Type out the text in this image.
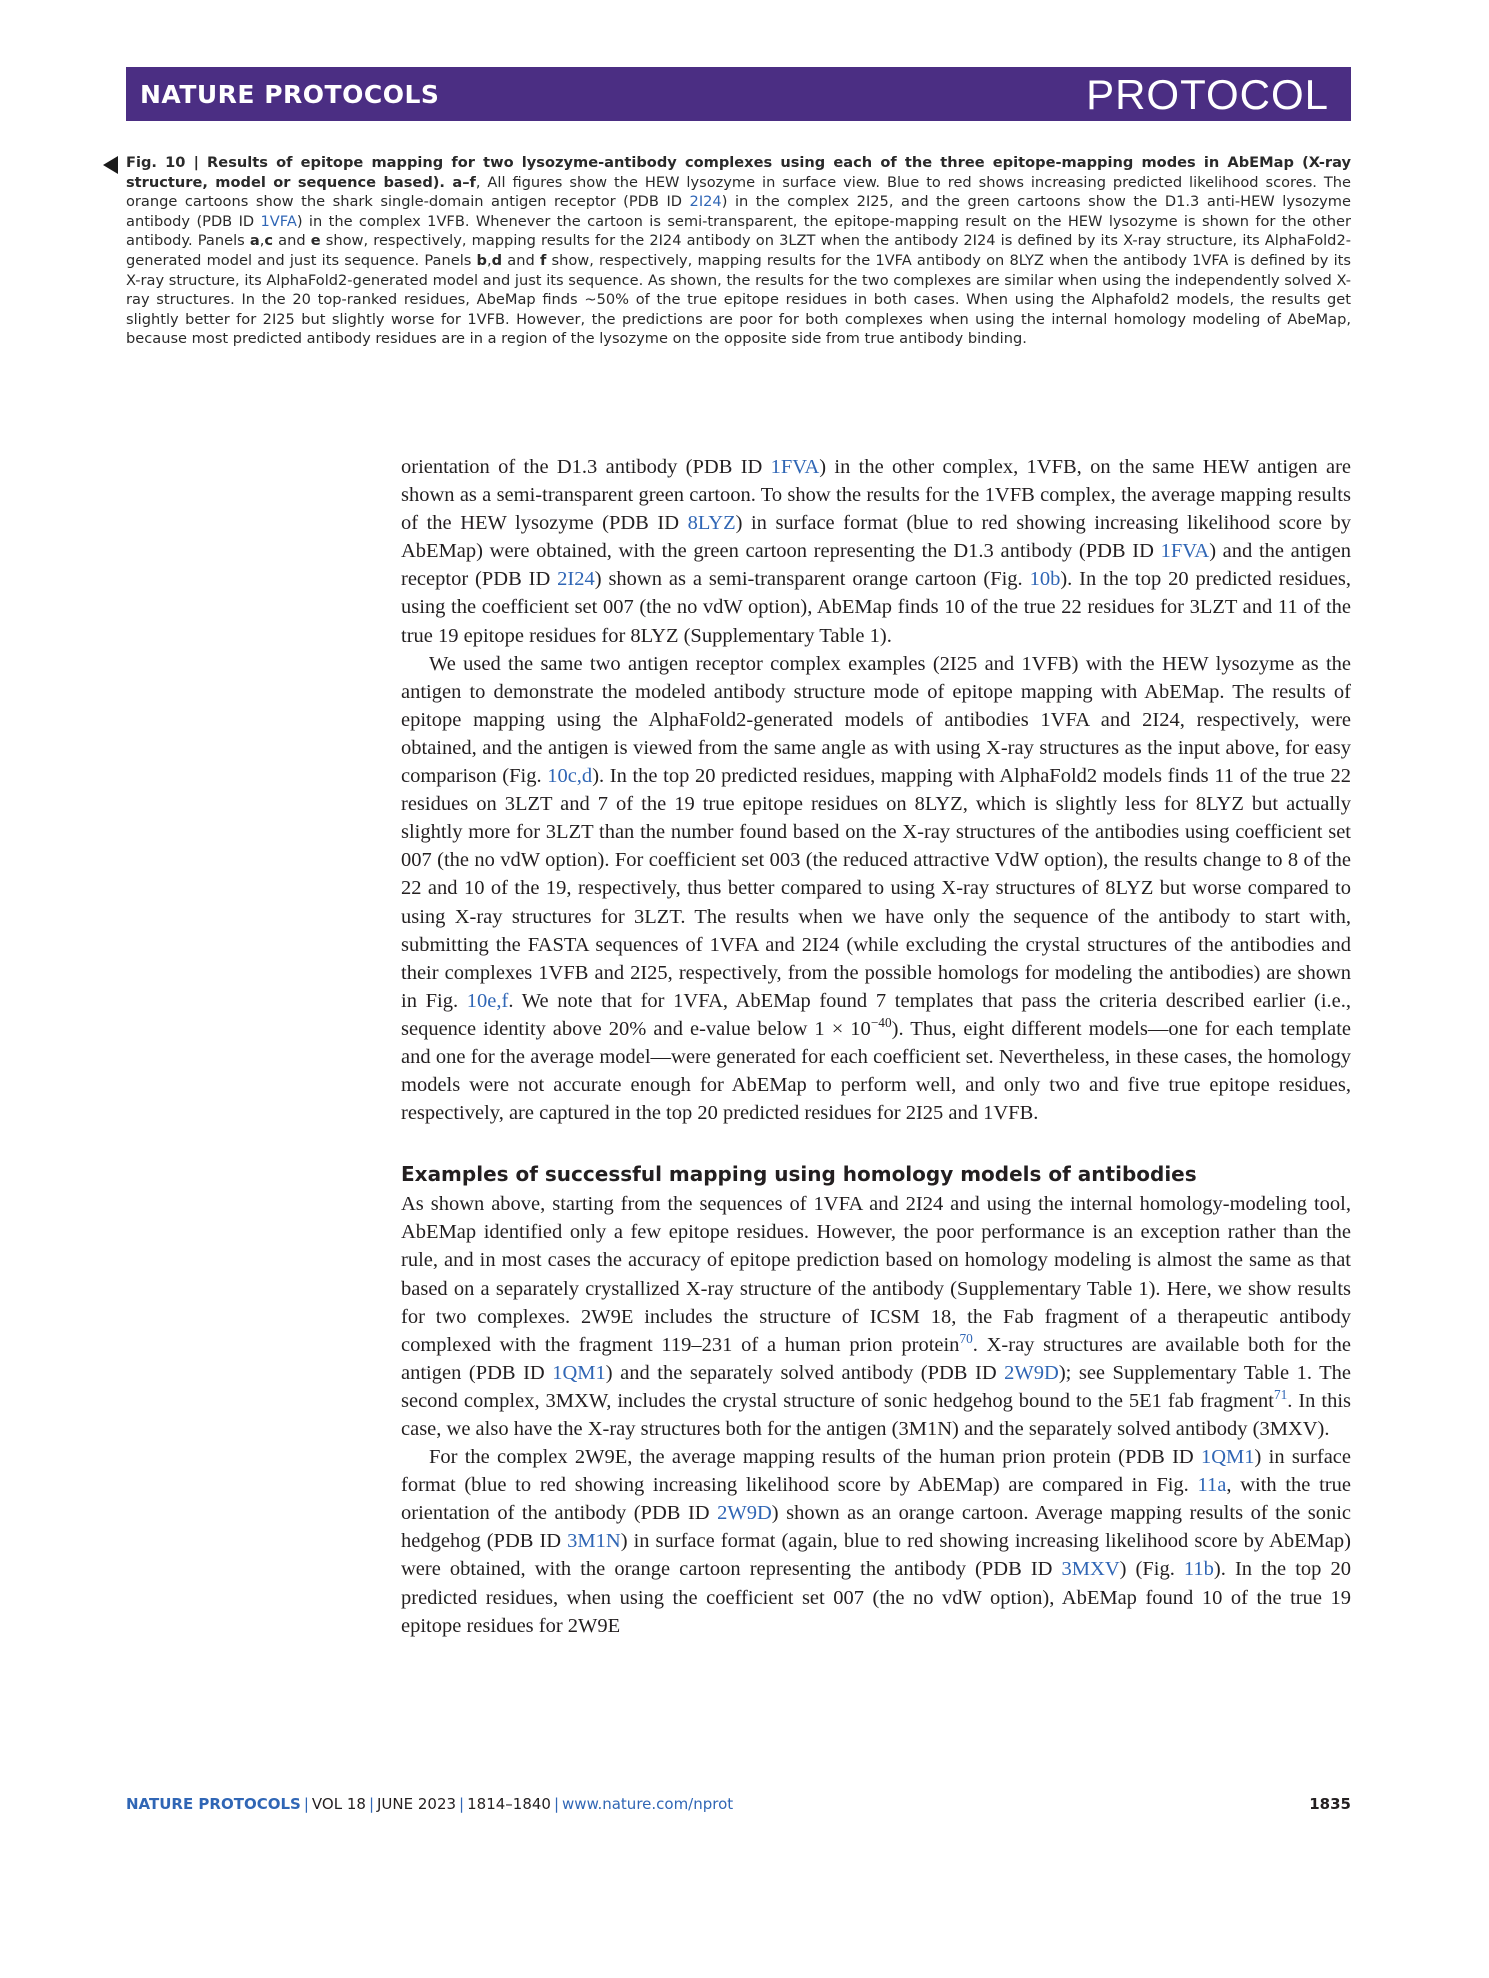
NATURE PROTOCOLS	PROTOCOL
Fig. 10 | Results of epitope mapping for two lysozyme-antibody complexes using each of the three epitope-mapping modes in AbEMap (X-ray structure, model or sequence based). a–f, All figures show the HEW lysozyme in surface view. Blue to red shows increasing predicted likelihood scores. The orange cartoons show the shark single-domain antigen receptor (PDB ID 2I24) in the complex 2I25, and the green cartoons show the D1.3 anti-HEW lysozyme antibody (PDB ID 1VFA) in the complex 1VFB. Whenever the cartoon is semi-transparent, the epitope-mapping result on the HEW lysozyme is shown for the other antibody. Panels a,c and e show, respectively, mapping results for the 2I24 antibody on 3LZT when the antibody 2I24 is defined by its X-ray structure, its AlphaFold2-generated model and just its sequence. Panels b,d and f show, respectively, mapping results for the 1VFA antibody on 8LYZ when the antibody 1VFA is defined by its X-ray structure, its AlphaFold2-generated model and just its sequence. As shown, the results for the two complexes are similar when using the independently solved X-ray structures. In the 20 top-ranked residues, AbeMap finds ~50% of the true epitope residues in both cases. When using the Alphafold2 models, the results get slightly better for 2I25 but slightly worse for 1VFB. However, the predictions are poor for both complexes when using the internal homology modeling of AbeMap, because most predicted antibody residues are in a region of the lysozyme on the opposite side from true antibody binding.

orientation of the D1.3 antibody (PDB ID 1FVA) in the other complex, 1VFB, on the same HEW antigen are shown as a semi-transparent green cartoon. To show the results for the 1VFB complex, the average mapping results of the HEW lysozyme (PDB ID 8LYZ) in surface format (blue to red showing increasing likelihood score by AbEMap) were obtained, with the green cartoon representing the D1.3 antibody (PDB ID 1FVA) and the antigen receptor (PDB ID 2I24) shown as a semi-transparent orange cartoon (Fig. 10b). In the top 20 predicted residues, using the coefficient set 007 (the no vdW option), AbEMap finds 10 of the true 22 residues for 3LZT and 11 of the true 19 epitope residues for 8LYZ (Supplementary Table 1).

We used the same two antigen receptor complex examples (2I25 and 1VFB) with the HEW lysozyme as the antigen to demonstrate the modeled antibody structure mode of epitope mapping with AbEMap. The results of epitope mapping using the AlphaFold2-generated models of antibodies 1VFA and 2I24, respectively, were obtained, and the antigen is viewed from the same angle as with using X-ray structures as the input above, for easy comparison (Fig. 10c,d). In the top 20 predicted residues, mapping with AlphaFold2 models finds 11 of the true 22 residues on 3LZT and 7 of the 19 true epitope residues on 8LYZ, which is slightly less for 8LYZ but actually slightly more for 3LZT than the number found based on the X-ray structures of the antibodies using coefficient set 007 (the no vdW option). For coefficient set 003 (the reduced attractive VdW option), the results change to 8 of the 22 and 10 of the 19, respectively, thus better compared to using X-ray structures of 8LYZ but worse compared to using X-ray structures for 3LZT. The results when we have only the sequence of the antibody to start with, submitting the FASTA sequences of 1VFA and 2I24 (while excluding the crystal structures of the antibodies and their complexes 1VFB and 2I25, respectively, from the possible homologs for modeling the antibodies) are shown in Fig. 10e,f. We note that for 1VFA, AbEMap found 7 templates that pass the criteria described earlier (i.e., sequence identity above 20% and e-value below $1 \times 10^{-40}$). Thus, eight different models—one for each template and one for the average model—were generated for each coefficient set. Nevertheless, in these cases, the homology models were not accurate enough for AbEMap to perform well, and only two and five true epitope residues, respectively, are captured in the top 20 predicted residues for 2I25 and 1VFB.

Examples of successful mapping using homology models of antibodies

As shown above, starting from the sequences of 1VFA and 2I24 and using the internal homology-modeling tool, AbEMap identified only a few epitope residues. However, the poor performance is an exception rather than the rule, and in most cases the accuracy of epitope prediction based on homology modeling is almost the same as that based on a separately crystallized X-ray structure of the antibody (Supplementary Table 1). Here, we show results for two complexes. 2W9E includes the structure of ICSM 18, the Fab fragment of a therapeutic antibody complexed with the fragment 119–231 of a human prion protein$^{70}$. X-ray structures are available both for the antigen (PDB ID 1QM1) and the separately solved antibody (PDB ID 2W9D); see Supplementary Table 1. The second complex, 3MXW, includes the crystal structure of sonic hedgehog bound to the 5E1 fab fragment$^{71}$. In this case, we also have the X-ray structures both for the antigen (3M1N) and the separately solved antibody (3MXV).

For the complex 2W9E, the average mapping results of the human prion protein (PDB ID 1QM1) in surface format (blue to red showing increasing likelihood score by AbEMap) are compared in Fig. 11a, with the true orientation of the antibody (PDB ID 2W9D) shown as an orange cartoon. Average mapping results of the sonic hedgehog (PDB ID 3M1N) in surface format (again, blue to red showing increasing likelihood score by AbEMap) were obtained, with the orange cartoon representing the antibody (PDB ID 3MXV) (Fig. 11b). In the top 20 predicted residues, when using the coefficient set 007 (the no vdW option), AbEMap found 10 of the true 19 epitope residues for 2W9E

NATURE PROTOCOLS | VOL 18 | JUNE 2023 | 1814–1840 | www.nature.com/nprot	1835
